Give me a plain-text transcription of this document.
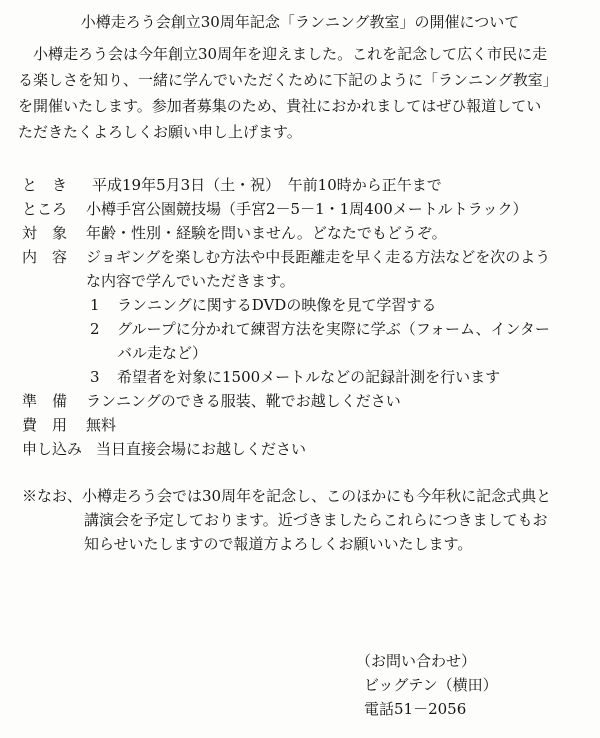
小樽走ろう会創立30周年記念「ランニング教室」の開催について
　小樽走ろう会は今年創立30周年を迎えました。これを記念して広く市民に走
る楽しさを知り、一緒に学んでいただくために下記のように「ランニング教室」
を開催いたします。参加者募集のため、貴社におかれましてはぜひ報道してい
ただきたくよろしくお願い申し上げます。
と　き 平成19年5月3日（土・祝）　午前10時から正午まで
ところ 小樽手宮公園競技場（手宮2－5－1・1周400メートルトラック）
対　象 年齢・性別・経験を問いません。どなたでもどうぞ。
内　容 ジョギングを楽しむ方法や中長距離走を早く走る方法などを次のよう
な内容で学んでいただきます。
1 ランニングに関するDVDの映像を見て学習する
2 グループに分かれて練習方法を実際に学ぶ（フォーム、インター
バル走など）
3 希望者を対象に1500メートルなどの記録計測を行います
準　備 ランニングのできる服装、靴でお越しください
費　用 無料
申し込み 当日直接会場にお越しください
※なお、小樽走ろう会では30周年を記念し、このほかにも今年秋に記念式典と
講演会を予定しております。近づきましたらこれらにつきましてもお
知らせいたしますので報道方よろしくお願いいたします。
（お問い合わせ）
ビッグテン（横田）
電話51－2056
